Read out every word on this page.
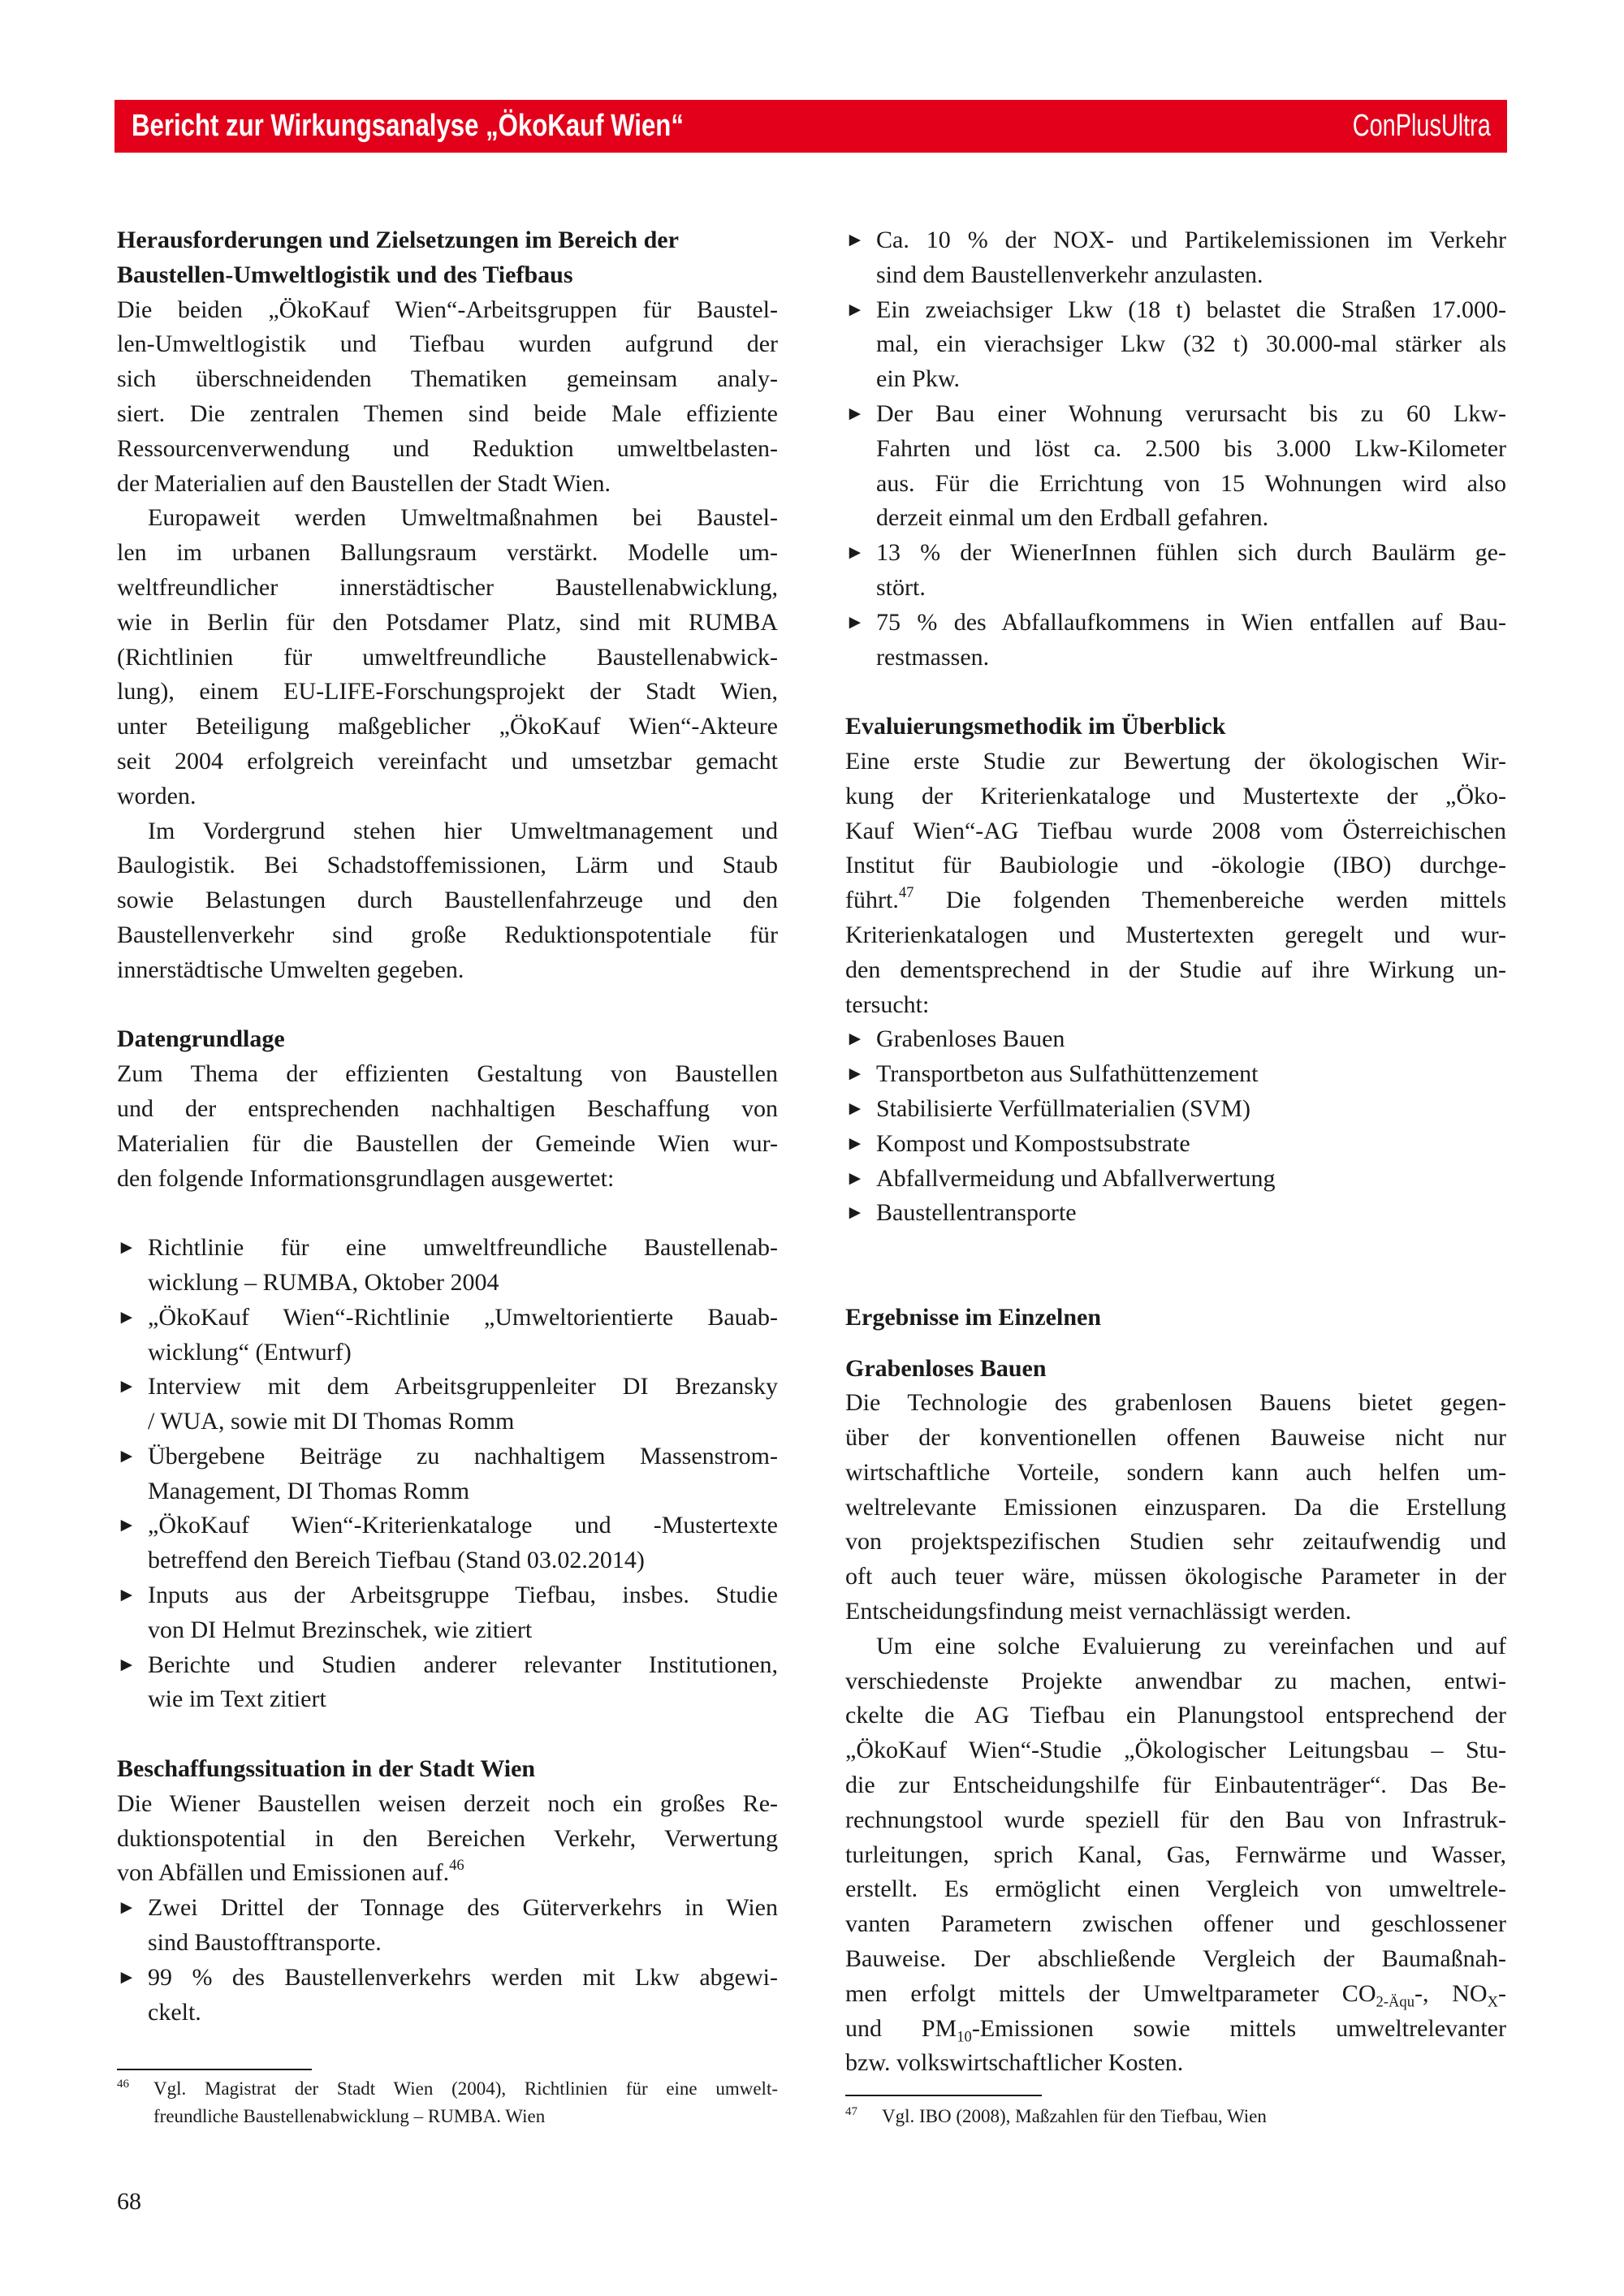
Bericht zur Wirkungsanalyse „ÖkoKauf Wien“	ConPlusUltra
Herausforderungen und Zielsetzungen im Bereich der
Baustellen-Umweltlogistik und des Tiefbaus
Die beiden „ÖkoKauf Wien“-Arbeitsgruppen für Baustel-
len-Umweltlogistik und Tiefbau wurden aufgrund der
sich überschneidenden Thematiken gemeinsam analy-
siert. Die zentralen Themen sind beide Male effiziente
Ressourcenverwendung und Reduktion umweltbelasten-
der Materialien auf den Baustellen der Stadt Wien.
Europaweit werden Umweltmaßnahmen bei Baustel-
len im urbanen Ballungsraum verstärkt. Modelle um-
weltfreundlicher innerstädtischer Baustellenabwicklung,
wie in Berlin für den Potsdamer Platz, sind mit RUMBA
(Richtlinien für umweltfreundliche Baustellenabwick-
lung), einem EU-LIFE-Forschungsprojekt der Stadt Wien,
unter Beteiligung maßgeblicher „ÖkoKauf Wien“-Akteure
seit 2004 erfolgreich vereinfacht und umsetzbar gemacht
worden.
Im Vordergrund stehen hier Umweltmanagement und
Baulogistik. Bei Schadstoffemissionen, Lärm und Staub
sowie Belastungen durch Baustellenfahrzeuge und den
Baustellenverkehr sind große Reduktionspotentiale für
innerstädtische Umwelten gegeben.
Datengrundlage
Zum Thema der effizienten Gestaltung von Baustellen
und der entsprechenden nachhaltigen Beschaffung von
Materialien für die Baustellen der Gemeinde Wien wur-
den folgende Informationsgrundlagen ausgewertet:
► Richtlinie für eine umweltfreundliche Baustellenab-
wicklung – RUMBA, Oktober 2004
► „ÖkoKauf Wien“-Richtlinie „Umweltorientierte Bauab-
wicklung“ (Entwurf)
► Interview mit dem Arbeitsgruppenleiter DI Brezansky
/ WUA, sowie mit DI Thomas Romm
► Übergebene Beiträge zu nachhaltigem Massenstrom-
Management, DI Thomas Romm
► „ÖkoKauf Wien“-Kriterienkataloge und -Mustertexte
betreffend den Bereich Tiefbau (Stand 03.02.2014)
► Inputs aus der Arbeitsgruppe Tiefbau, insbes. Studie
von DI Helmut Brezinschek, wie zitiert
► Berichte und Studien anderer relevanter Institutionen,
wie im Text zitiert
Beschaffungssituation in der Stadt Wien
Die Wiener Baustellen weisen derzeit noch ein großes Re-
duktionspotential in den Bereichen Verkehr, Verwertung
von Abfällen und Emissionen auf.$^{46}$
► Zwei Drittel der Tonnage des Güterverkehrs in Wien
sind Baustofftransporte.
► 99 % des Baustellenverkehrs werden mit Lkw abgewi-
ckelt.
► Ca. 10 % der NOX- und Partikelemissionen im Verkehr
sind dem Baustellenverkehr anzulasten.
► Ein zweiachsiger Lkw (18 t) belastet die Straßen 17.000-
mal, ein vierachsiger Lkw (32 t) 30.000-mal stärker als
ein Pkw.
► Der Bau einer Wohnung verursacht bis zu 60 Lkw-
Fahrten und löst ca. 2.500 bis 3.000 Lkw-Kilometer
aus. Für die Errichtung von 15 Wohnungen wird also
derzeit einmal um den Erdball gefahren.
► 13 % der WienerInnen fühlen sich durch Baulärm ge-
stört.
► 75 % des Abfallaufkommens in Wien entfallen auf Bau-
restmassen.
Evaluierungsmethodik im Überblick
Eine erste Studie zur Bewertung der ökologischen Wir-
kung der Kriterienkataloge und Mustertexte der „Öko-
Kauf Wien“-AG Tiefbau wurde 2008 vom Österreichischen
Institut für Baubiologie und -ökologie (IBO) durchge-
führt.$^{47}$ Die folgenden Themenbereiche werden mittels
Kriterienkatalogen und Mustertexten geregelt und wur-
den dementsprechend in der Studie auf ihre Wirkung un-
tersucht:
► Grabenloses Bauen
► Transportbeton aus Sulfathüttenzement
► Stabilisierte Verfüllmaterialien (SVM)
► Kompost und Kompostsubstrate
► Abfallvermeidung und Abfallverwertung
► Baustellentransporte
Ergebnisse im Einzelnen
Grabenloses Bauen
Die Technologie des grabenlosen Bauens bietet gegen-
über der konventionellen offenen Bauweise nicht nur
wirtschaftliche Vorteile, sondern kann auch helfen um-
weltrelevante Emissionen einzusparen. Da die Erstellung
von projektspezifischen Studien sehr zeitaufwendig und
oft auch teuer wäre, müssen ökologische Parameter in der
Entscheidungsfindung meist vernachlässigt werden.
Um eine solche Evaluierung zu vereinfachen und auf
verschiedenste Projekte anwendbar zu machen, entwi-
ckelte die AG Tiefbau ein Planungstool entsprechend der
„ÖkoKauf Wien“-Studie „Ökologischer Leitungsbau – Stu-
die zur Entscheidungshilfe für Einbautenträger“. Das Be-
rechnungstool wurde speziell für den Bau von Infrastruk-
turleitungen, sprich Kanal, Gas, Fernwärme und Wasser,
erstellt. Es ermöglicht einen Vergleich von umweltrele-
vanten Parametern zwischen offener und geschlossener
Bauweise. Der abschließende Vergleich der Baumaßnah-
men erfolgt mittels der Umweltparameter $CO_{2-Äqu}-$, $NO_X-$
und $PM_{10}$-Emissionen sowie mittels umweltrelevanter
bzw. volkswirtschaftlicher Kosten.
46 Vgl. Magistrat der Stadt Wien (2004), Richtlinien für eine umwelt-
freundliche Baustellenabwicklung – RUMBA. Wien	47 Vgl. IBO (2008), Maßzahlen für den Tiefbau, Wien
68
